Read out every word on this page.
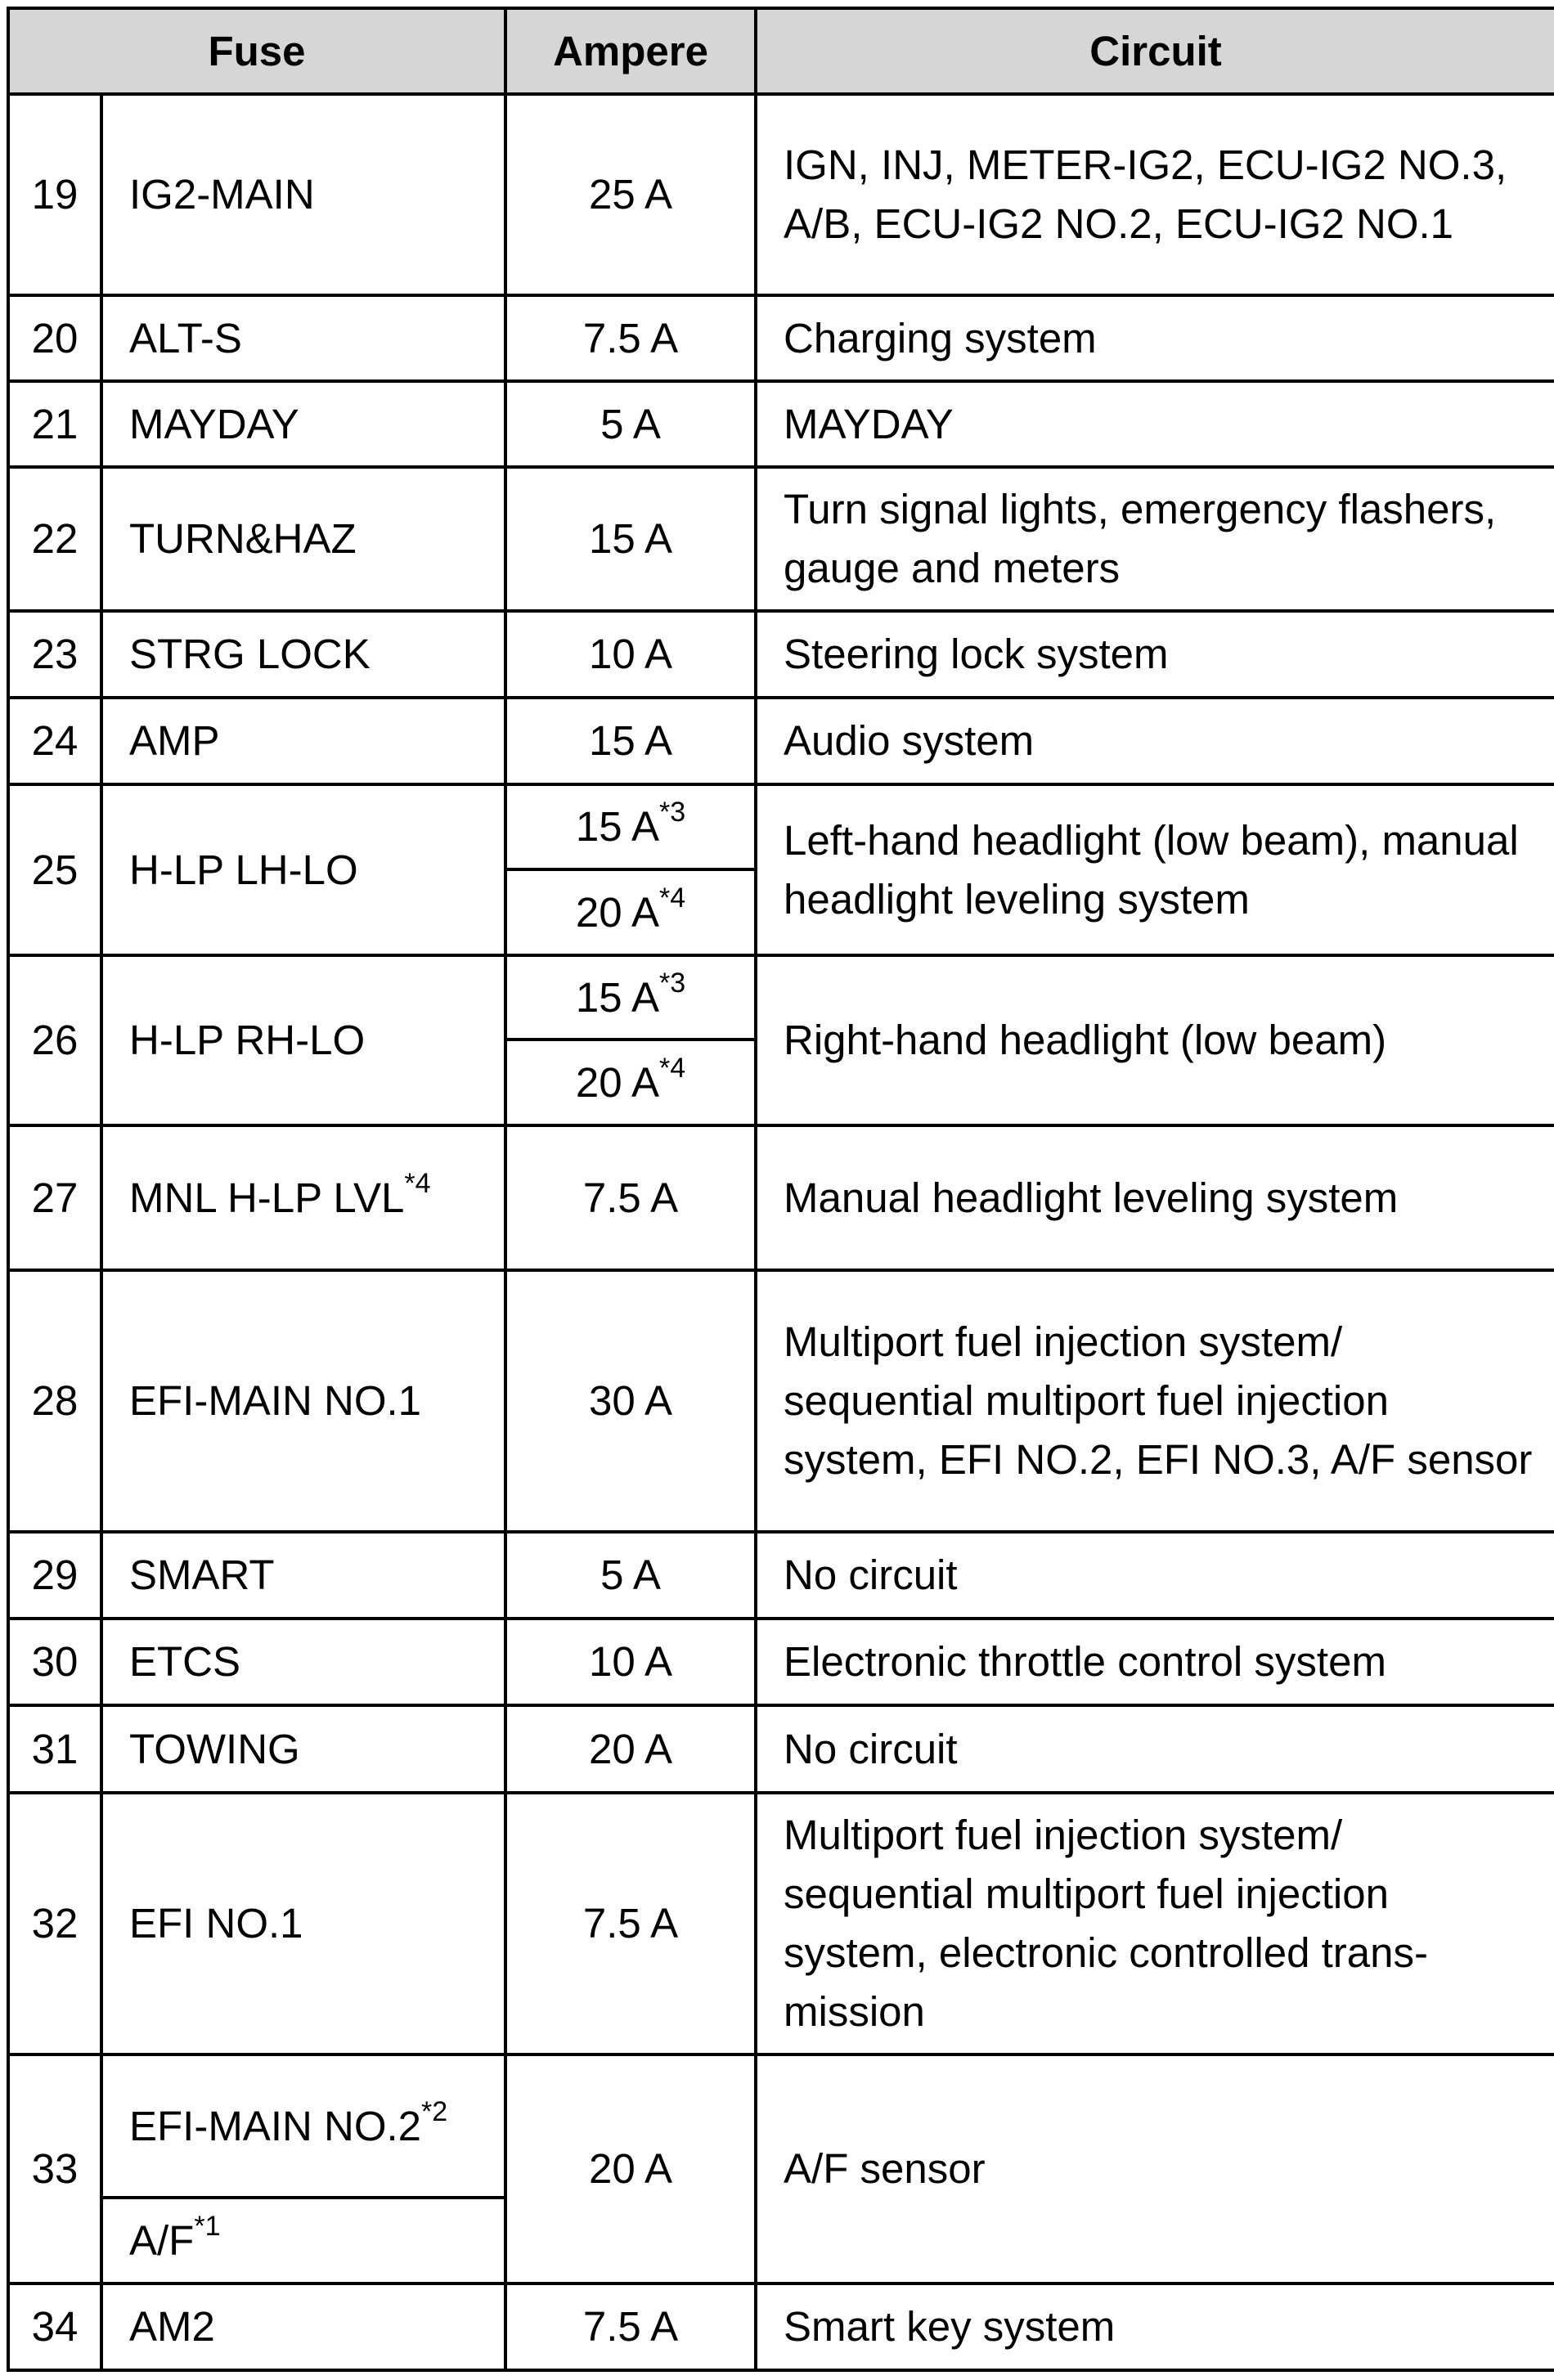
Fuse		Ampere	Circuit
19	IG2-MAIN	25 A	IGN, INJ, METER-IG2, ECU-IG2 NO.3, A/B, ECU-IG2 NO.2, ECU-IG2 NO.1
20	ALT-S	7.5 A	Charging system
21	MAYDAY	5 A	MAYDAY
22	TURN&HAZ	15 A	Turn signal lights, emergency flashers, gauge and meters
23	STRG LOCK	10 A	Steering lock system
24	AMP	15 A	Audio system
25	H-LP LH-LO	15 $A^{*3}$	Left-hand headlight (low beam), manual headlight leveling system
		20 $A^{*4}$
26	H-LP RH-LO	15 $A^{*3}$	Right-hand headlight (low beam)
		20 $A^{*4}$
27	MNL H-LP LVL$^{*4}$	7.5 A	Manual headlight leveling system
28	EFI-MAIN NO.1	30 A	Multiport fuel injection system/ sequential multiport fuel injection system, EFI NO.2, EFI NO.3, A/F sensor
29	SMART	5 A	No circuit
30	ETCS	10 A	Electronic throttle control system
31	TOWING	20 A	No circuit
32	EFI NO.1	7.5 A	Multiport fuel injection system/ sequential multiport fuel injection system, electronic controlled trans-mission
33	EFI-MAIN NO.2$^{*2}$	20 A	A/F sensor
	$A/F^{*1}$
34	AM2	7.5 A	Smart key system
